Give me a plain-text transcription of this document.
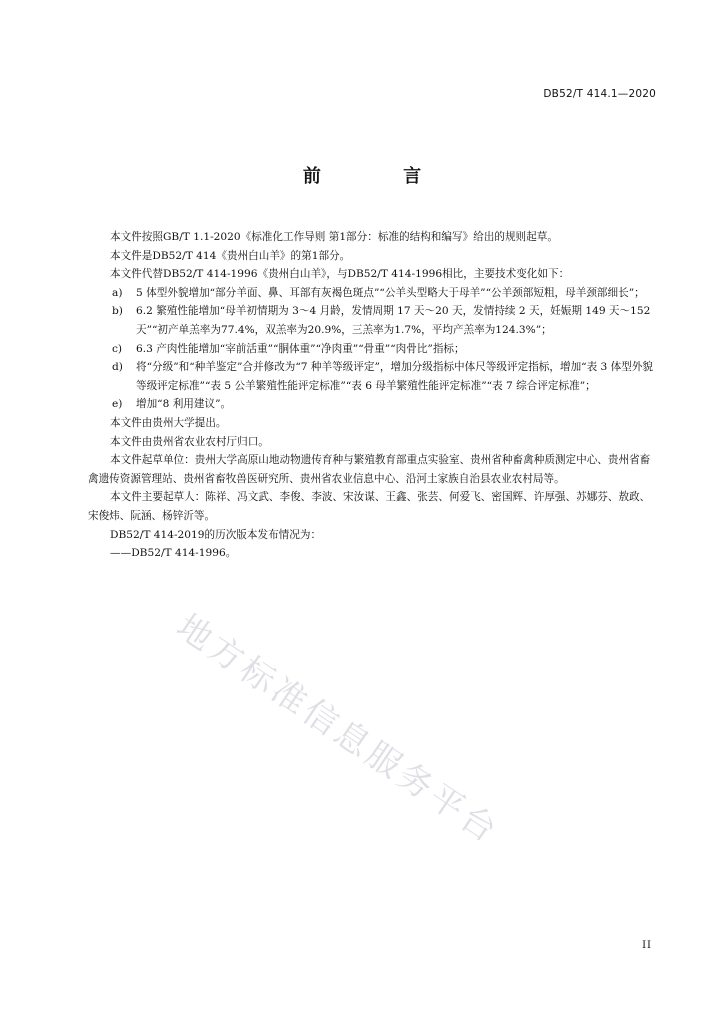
DB52/T 414.1—2020
前 言

本文件按照GB/T 1.1-2020《标准化工作导则 第1部分：标准的结构和编写》给出的规则起草。

本文件是DB52/T 414《贵州白山羊》的第1部分。

本文件代替DB52/T 414-1996《贵州白山羊》，与DB52/T 414-1996相比，主要技术变化如下：

a) 5 体型外貌增加“部分羊面、鼻、耳部有灰褐色斑点”“公羊头型略大于母羊”“公羊颈部短粗，母羊颈部细长”；
b) 6.2 繁殖性能增加“母羊初情期为 3～4 月龄，发情周期 17 天～20 天，发情持续 2 天，妊娠期 149 天～152 天”“初产单羔率为77.4%，双羔率为20.9%，三羔率为1.7%，平均产羔率为124.3%”；
c) 6.3 产肉性能增加“宰前活重”“胴体重”“净肉重”“骨重”“肉骨比”指标；
d) 将“分级”和“种羊鉴定”合并修改为“7 种羊等级评定”，增加分级指标中体尺等级评定指标，增加“表 3 体型外貌等级评定标准”“表 5 公羊繁殖性能评定标准”“表 6 母羊繁殖性能评定标准”“表 7 综合评定标准”；
e) 增加“8 利用建议”。

本文件由贵州大学提出。

本文件由贵州省农业农村厅归口。

本文件起草单位：贵州大学高原山地动物遗传育种与繁殖教育部重点实验室、贵州省种畜禽种质测定中心、贵州省畜禽遗传资源管理站、贵州省畜牧兽医研究所、贵州省农业信息中心、沿河土家族自治县农业农村局等。

本文件主要起草人：陈祥、冯文武、李俊、李波、宋汝谋、王鑫、张芸、何爱飞、密国辉、许厚强、苏娜芬、敖政、宋俊炜、阮涵、杨锌沂等。

DB52/T 414-2019的历次版本发布情况为：

——DB52/T 414-1996。

地方标准信息服务平台
II
